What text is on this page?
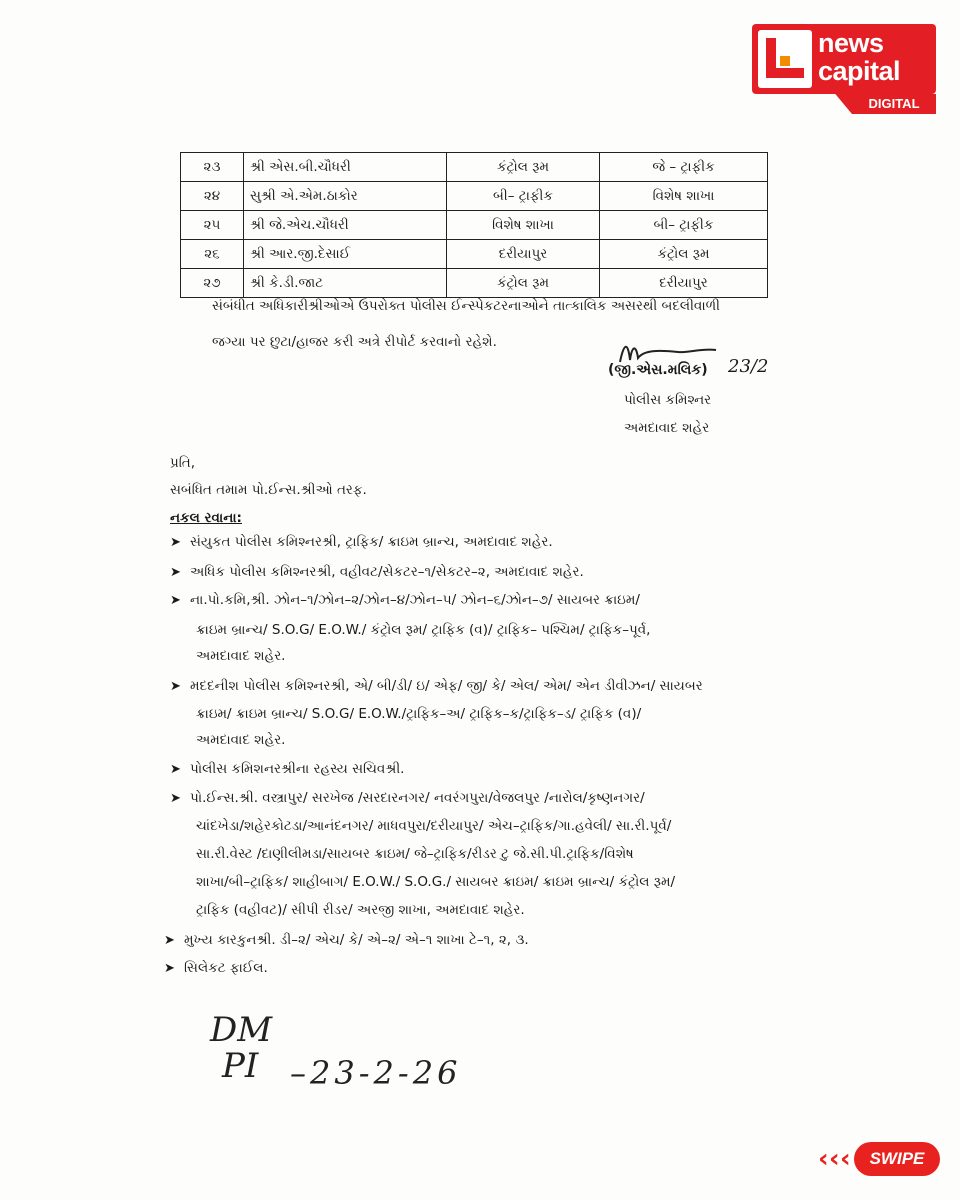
news
capital
DIGITAL
૨૩	શ્રી એસ.બી.ચૌધરી	કંટ્રોલ રૂમ	જે – ટ્રાફીક
૨૪	સુશ્રી એ.એમ.ઠાકોર	બી– ટ્રાફીક	વિશેષ શાખા
૨૫	શ્રી જે.એચ.ચૌધરી	વિશેષ શાખા	બી– ટ્રાફીક
૨૬	શ્રી આર.જી.દેસાઈ	દરીયાપુર	કંટ્રોલ રૂમ
૨૭	શ્રી કે.ડી.જાટ	કંટ્રોલ રૂમ	દરીયાપુર
સંબંધીત અધિકારીશ્રીઓએ ઉપરોક્ત પોલીસ ઈન્સ્પેકટરનાઓને તાત્કાલિક અસરથી બદલીવાળી
જગ્યા પર છુટા/હાજર કરી અત્રે રીપોર્ટ કરવાનો રહેશે.
(જી.એસ.મલિક) 23/2
પોલીસ કમિશ્નર
અમદાવાદ શહેર
પ્રતિ,
સબંધિત તમામ પો.ઈન્સ.શ્રીઓ તરફ.
નકલ રવાના:
➤ સંયુકત પોલીસ કમિશ્નરશ્રી, ટ્રાફિક/ ક્રાઇમ બ્રાન્ચ, અમદાવાદ શહેર.
➤ અધિક પોલીસ કમિશ્નરશ્રી, વહીવટ/સેકટર–૧/સેકટર–૨, અમદાવાદ શહેર.
➤ ના.પો.કમિ,શ્રી. ઝોન–૧/ઝોન–૨/ઝોન–૪/ઝોન–૫/ ઝોન–૬/ઝોન–૭/ સાયબર ક્રાઇમ/
ક્રાઇમ બ્રાન્ચ/ S.O.G/ E.O.W./ કંટ્રોલ રૂમ/ ટ્રાફિક (વ)/ ટ્રાફિક– પશ્ચિમ/ ટ્રાફિક–પૂર્વ,
અમદાવાદ શહેર.
➤ મદદનીશ પોલીસ કમિશ્નરશ્રી, એ/ બી/ડી/ ઇ/ એફ/ જી/ કે/ એલ/ એમ/ એન ડીવીઝન/ સાયબર
ક્રાઇમ/ ક્રાઇમ બ્રાન્ચ/ S.O.G/ E.O.W./ટ્રાફિક–અ/ ટ્રાફિક–ક/ટ્રાફિક–ડ/ ટ્રાફિક (વ)/
અમદાવાદ શહેર.
➤ પોલીસ કમિશનરશ્રીના રહસ્ય સચિવશ્રી.
➤ પો.ઈન્સ.શ્રી. વસ્ત્રાપુર/ સરખેજ /સરદારનગર/ નવરંગપુરા/વેજલપુર /નારોલ/કૃષ્ણનગર/
ચાંદખેડા/શહેરકોટડા/આનંદનગર/ માધવપુરા/દરીયાપુર/ એચ–ટ્રાફિક/ગા.હવેલી/ સા.રી.પૂર્વ/
સા.રી.વેસ્ટ /દાણીલીમડા/સાયબર ક્રાઇમ/ જે–ટ્રાફિક/રીડર ટુ જે.સી.પી.ટ્રાફિક/વિશેષ
શાખા/બી–ટ્રાફિક/ શાહીબાગ/ E.O.W./ S.O.G./ સાયબર ક્રાઇમ/ ક્રાઇમ બ્રાન્ચ/ કંટ્રોલ રૂમ/
ટ્રાફિક (વહીવટ)/ સીપી રીડર/ અરજી શાખા, અમદાવાદ શહેર.
➤ મુખ્ય કારકુનશ્રી. ડી–૨/ એચ/ કે/ એ–૨/ એ–૧ શાખા ટે–૧, ૨, ૩.
➤ સિલેકટ ફાઈલ.
DM
PI –23-2-26
‹ ‹ ‹	SWIPE
